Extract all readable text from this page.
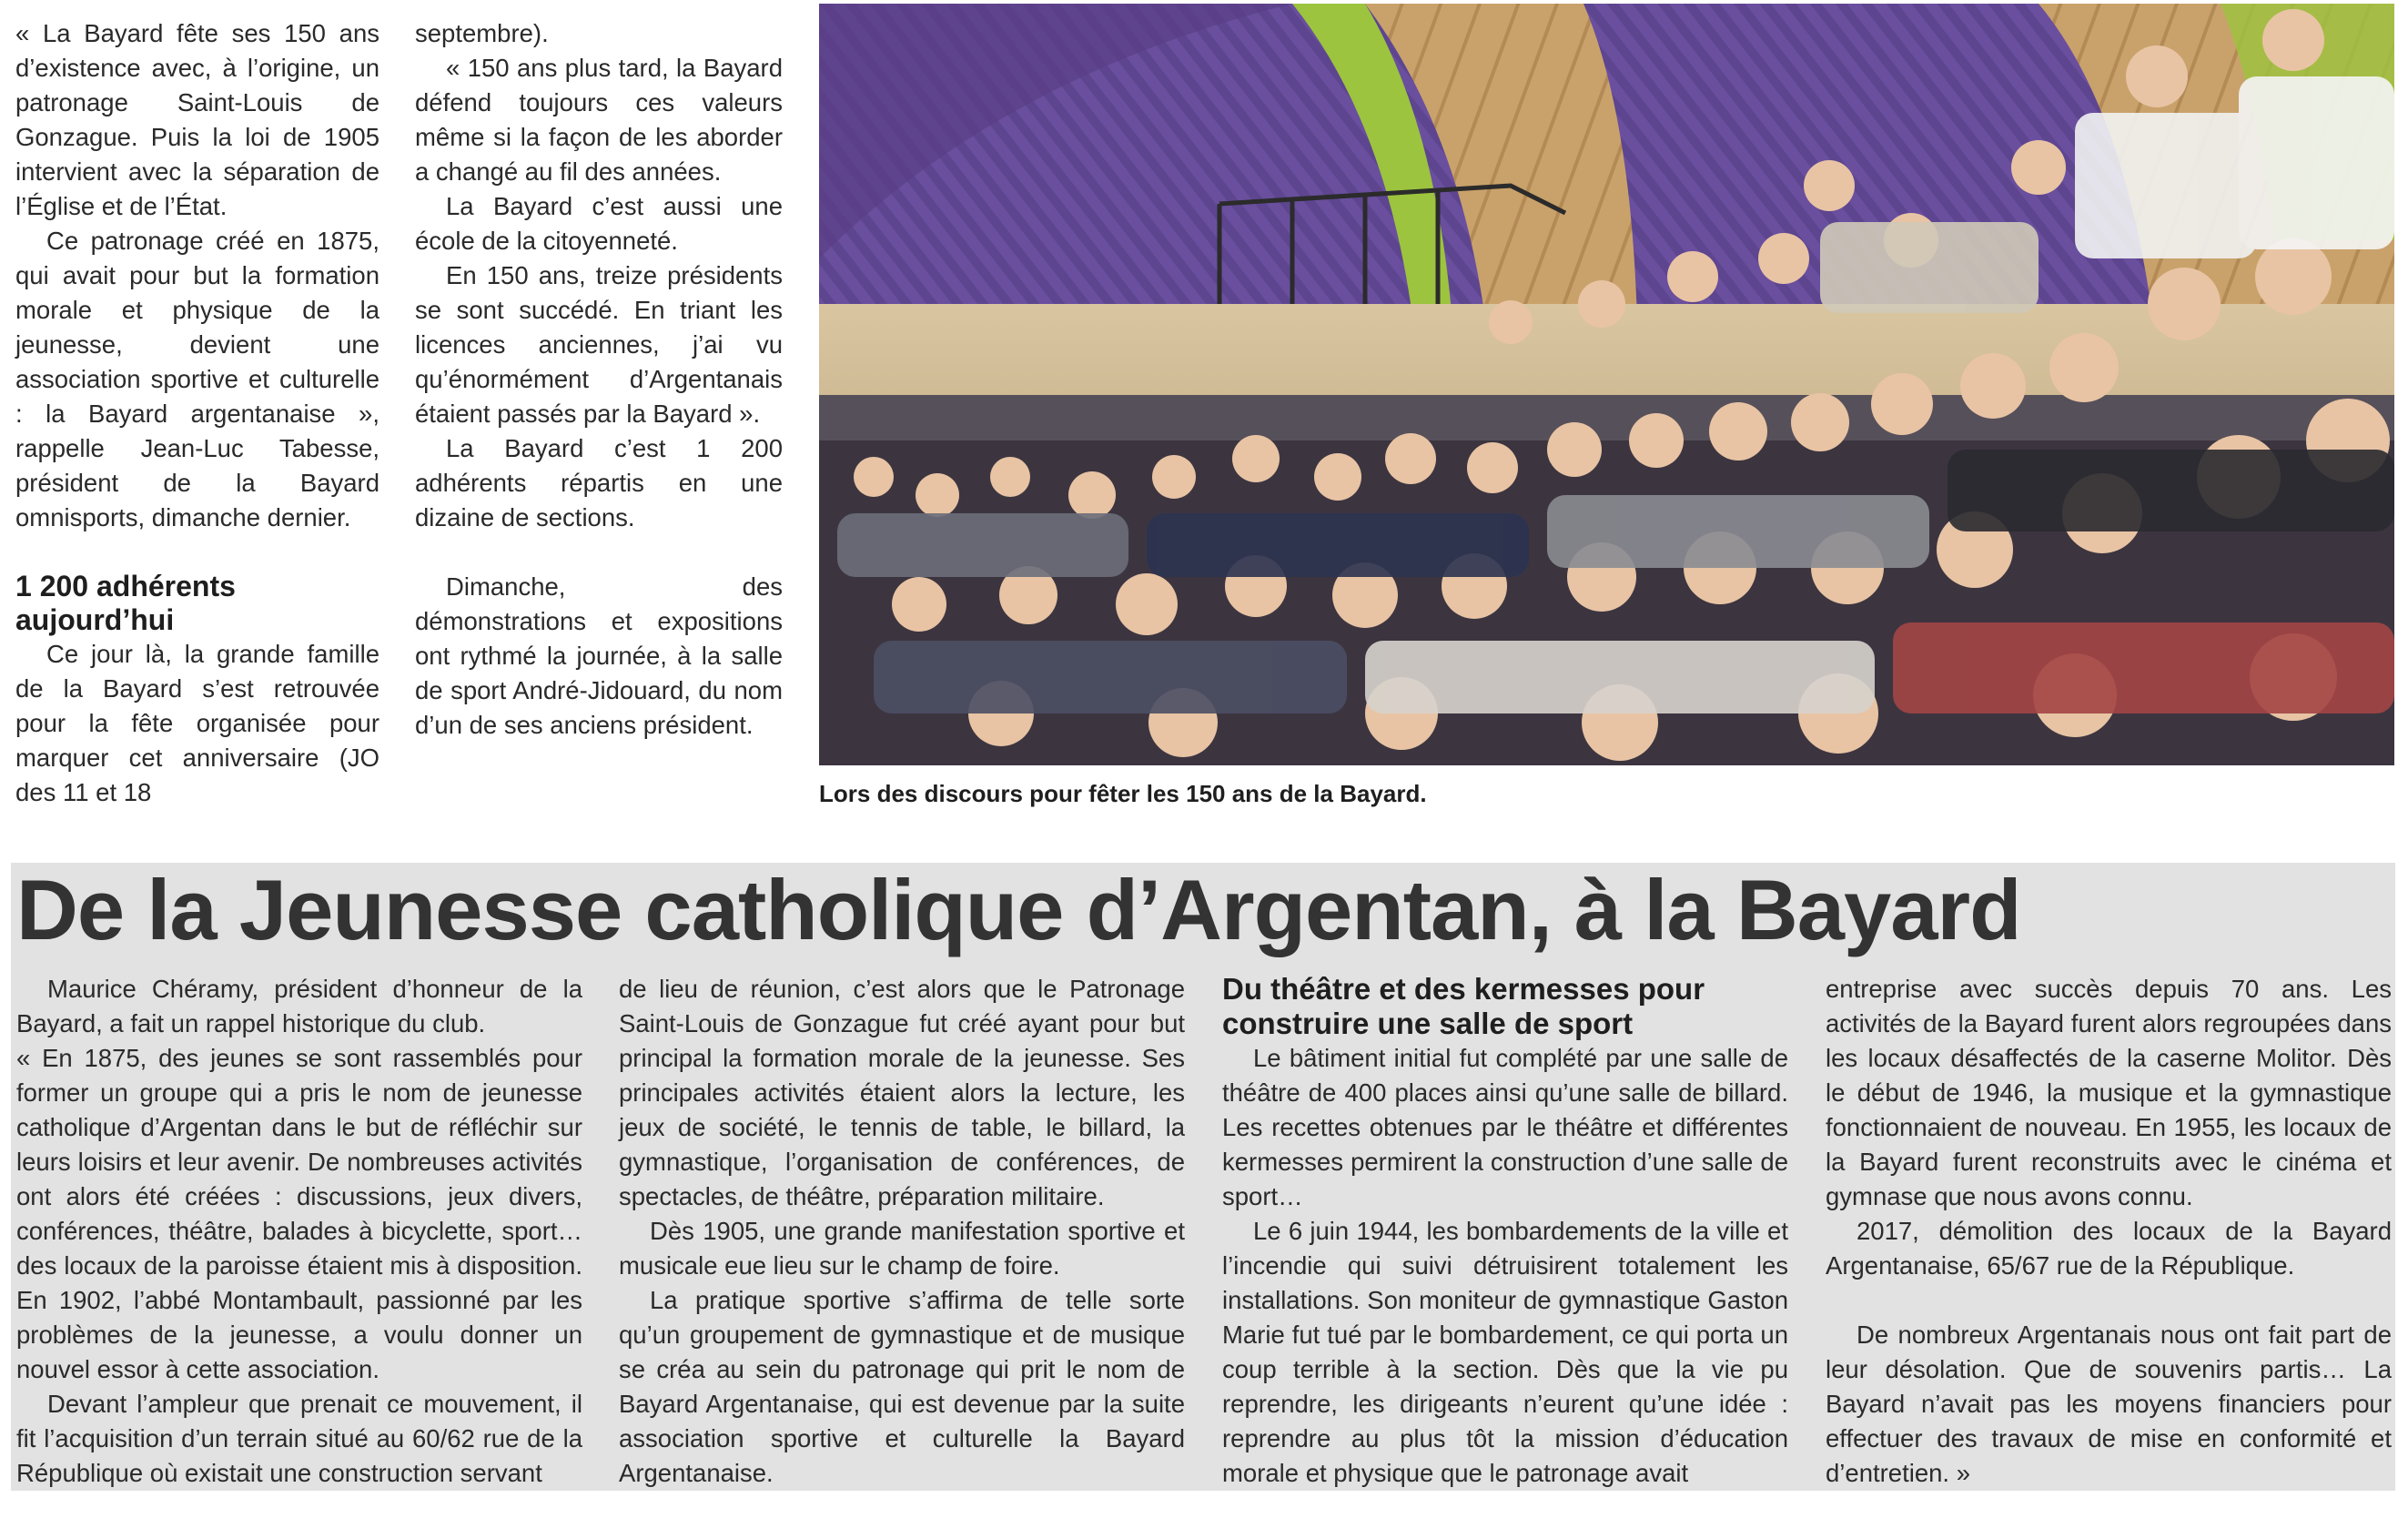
« La Bayard fête ses 150 ans d’existence avec, à l’origine, un patronage Saint-Louis de Gonzague. Puis la loi de 1905 intervient avec la séparation de l’Église et de l’État.

Ce patronage créé en 1875, qui avait pour but la formation morale et physique de la jeunesse, devient une association sportive et culturelle : la Bayard argentanaise », rappelle Jean-Luc Tabesse, président de la Bayard omnisports, dimanche dernier.

1 200 adhérents aujourd’hui

Ce jour là, la grande famille de la Bayard s’est retrouvée pour la fête organisée pour marquer cet anniversaire (JO des 11 et 18

septembre).

« 150 ans plus tard, la Bayard défend toujours ces valeurs même si la façon de les aborder a changé au fil des années.

La Bayard c’est aussi une école de la citoyenneté.

En 150 ans, treize présidents se sont succédé. En triant les licences anciennes, j’ai vu qu’énormément d’Argentanais étaient passés par la Bayard ».

La Bayard c’est 1 200 adhérents répartis en une dizaine de sections.

Dimanche, des démonstrations et expositions ont rythmé la journée, à la salle de sport André-Jidouard, du nom d’un de ses anciens président.

Lors des discours pour fêter les 150 ans de la Bayard.
De la Jeunesse catholique d’Argentan, à la Bayard

Maurice Chéramy, président d’honneur de la Bayard, a fait un rappel historique du club.

« En 1875, des jeunes se sont rassemblés pour former un groupe qui a pris le nom de jeunesse catholique d’Argentan dans le but de réfléchir sur leurs loisirs et leur avenir. De nombreuses activités ont alors été créées : discussions, jeux divers, conférences, théâtre, balades à bicyclette, sport… des locaux de la paroisse étaient mis à disposition. En 1902, l’abbé Montambault, passionné par les problèmes de la jeunesse, a voulu donner un nouvel essor à cette association.

Devant l’ampleur que prenait ce mouvement, il fit l’acquisition d’un terrain situé au 60/62 rue de la République où existait une construction servant

de lieu de réunion, c’est alors que le Patronage Saint-Louis de Gonzague fut créé ayant pour but principal la formation morale de la jeunesse. Ses principales activités étaient alors la lecture, les jeux de société, le tennis de table, le billard, la gymnastique, l’organisation de conférences, de spectacles, de théâtre, préparation militaire.

Dès 1905, une grande manifestation sportive et musicale eue lieu sur le champ de foire.

La pratique sportive s’affirma de telle sorte qu’un groupement de gymnastique et de musique se créa au sein du patronage qui prit le nom de Bayard Argentanaise, qui est devenue par la suite association sportive et culturelle la Bayard Argentanaise.

Du théâtre et des kermesses pour construire une salle de sport

Le bâtiment initial fut complété par une salle de théâtre de 400 places ainsi qu’une salle de billard. Les recettes obtenues par le théâtre et différentes kermesses permirent la construction d’une salle de sport…

Le 6 juin 1944, les bombardements de la ville et l’incendie qui suivi détruisirent totalement les installations. Son moniteur de gymnastique Gaston Marie fut tué par le bombardement, ce qui porta un coup terrible à la section. Dès que la vie pu reprendre, les dirigeants n’eurent qu’une idée : reprendre au plus tôt la mission d’éducation morale et physique que le patronage avait

entreprise avec succès depuis 70 ans. Les activités de la Bayard furent alors regroupées dans les locaux désaffectés de la caserne Molitor. Dès le début de 1946, la musique et la gymnastique fonctionnaient de nouveau. En 1955, les locaux de la Bayard furent reconstruits avec le cinéma et gymnase que nous avons connu.

2017, démolition des locaux de la Bayard Argentanaise, 65/67 rue de la République.

De nombreux Argentanais nous ont fait part de leur désolation. Que de souvenirs partis… La Bayard n’avait pas les moyens financiers pour effectuer des travaux de mise en conformité et d’entretien. »
